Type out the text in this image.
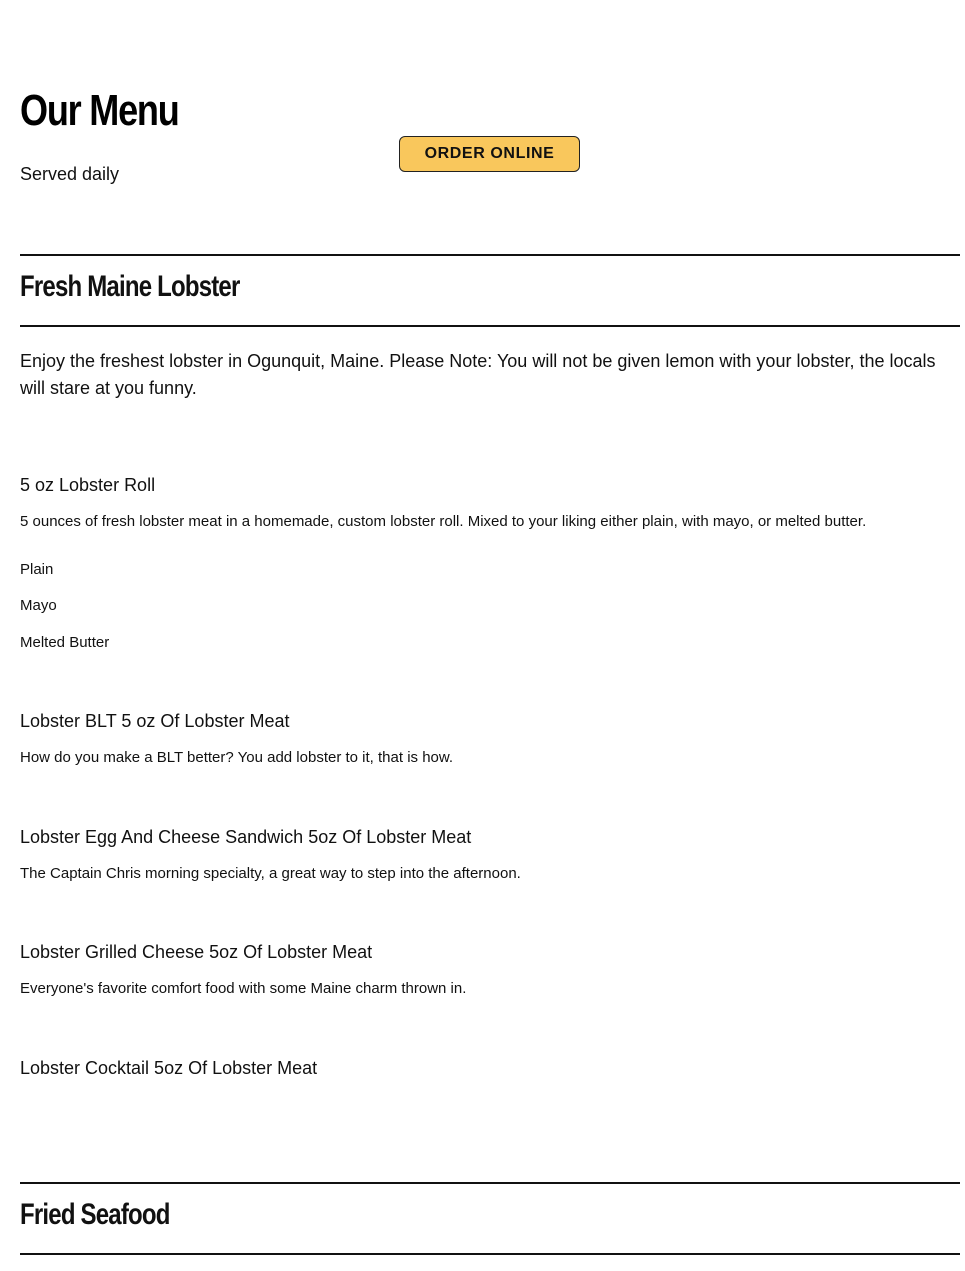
Our Menu
Served daily
ORDER ONLINE
Fresh Maine Lobster
Enjoy the freshest lobster in Ogunquit, Maine. Please Note: You will not be given lemon with your lobster, the locals will stare at you funny.
5 oz Lobster Roll
5 ounces of fresh lobster meat in a homemade, custom lobster roll. Mixed to your liking either plain, with mayo, or melted butter.
Plain
Mayo
Melted Butter
Lobster BLT 5 oz Of Lobster Meat
How do you make a BLT better? You add lobster to it, that is how.
Lobster Egg And Cheese Sandwich 5oz Of Lobster Meat
The Captain Chris morning specialty, a great way to step into the afternoon.
Lobster Grilled Cheese 5oz Of Lobster Meat
Everyone's favorite comfort food with some Maine charm thrown in.
Lobster Cocktail 5oz Of Lobster Meat
Fried Seafood
